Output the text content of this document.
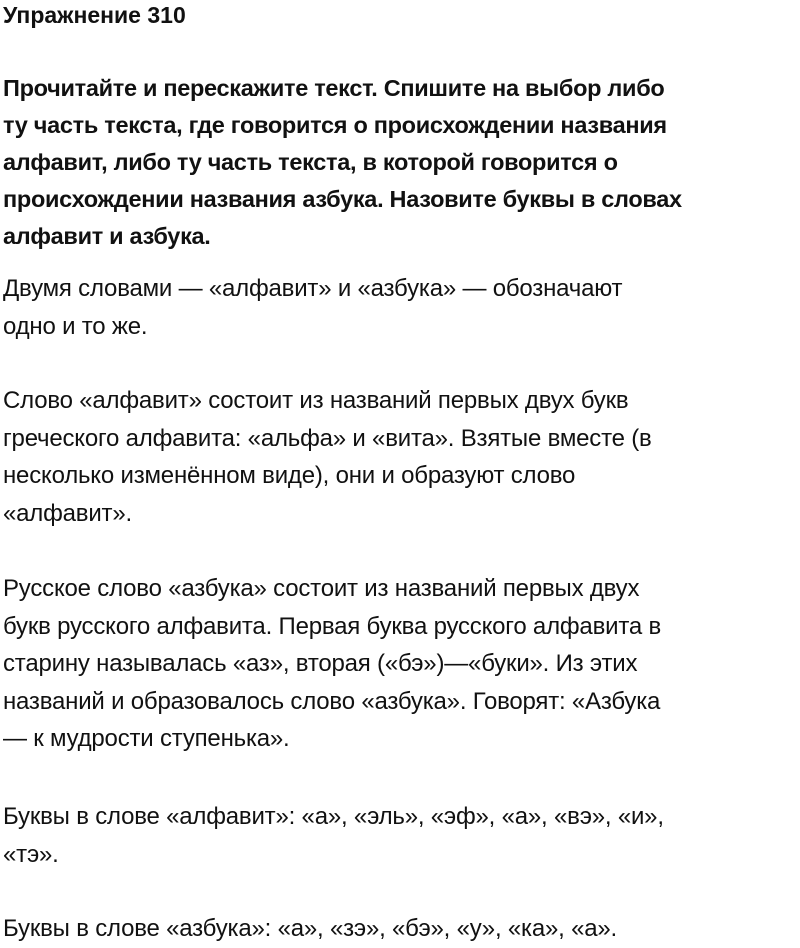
Упражнение 310

Прочитайте и перескажите текст. Спишите на выбор либо
ту часть текста, где говорится о происхождении названия
алфавит, либо ту часть текста, в которой говорится о
происхождении названия азбука. Назовите буквы в словах
алфавит и азбука.

Двумя словами — «алфавит» и «азбука» — обозначают
одно и то же.

Слово «алфавит» состоит из названий первых двух букв
греческого алфавита: «альфа» и «вита». Взятые вместе (в
несколько изменённом виде), они и образуют слово
«алфавит».

Русское слово «азбука» состоит из названий первых двух
букв русского алфавита. Первая буква русского алфавита в
старину называлась «аз», вторая («бэ»)—«буки». Из этих
названий и образовалось слово «азбука». Говорят: «Азбука
— к мудрости ступенька».

Буквы в слове «алфавит»: «а», «эль», «эф», «а», «вэ», «и»,
«тэ».

Буквы в слове «азбука»: «а», «зэ», «бэ», «у», «ка», «а».
